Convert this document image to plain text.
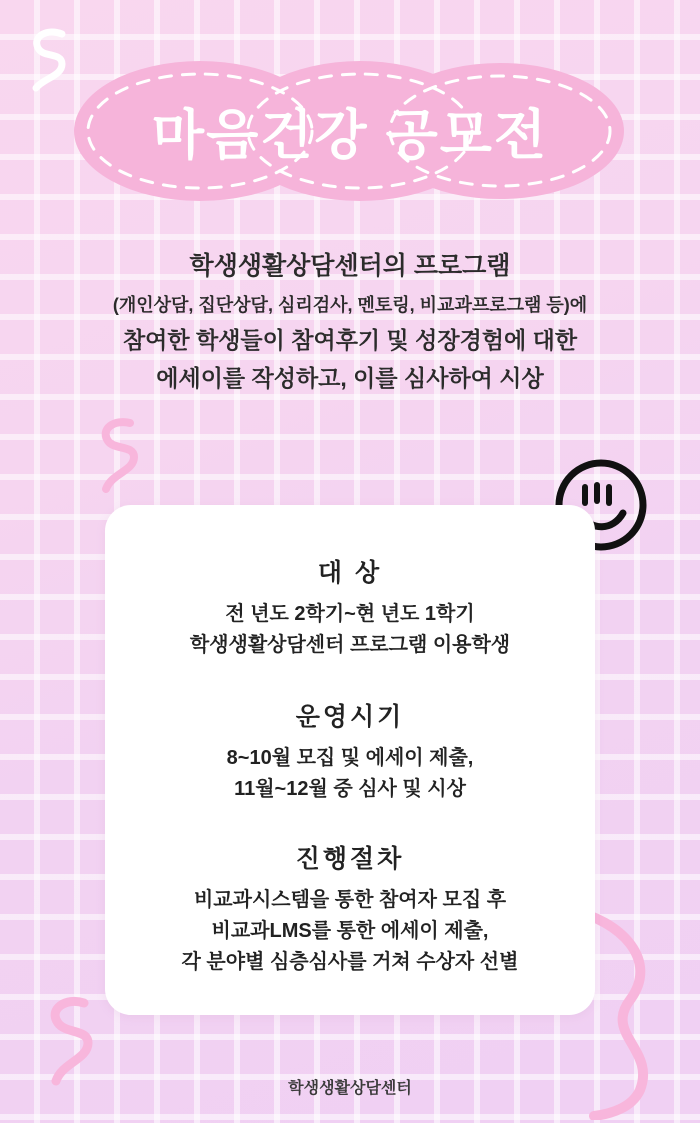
마음건강 공모전
학생생활상담센터의 프로그램
(개인상담, 집단상담, 심리검사, 멘토링, 비교과프로그램 등)에
참여한 학생들이 참여후기 및 성장경험에 대한
에세이를 작성하고, 이를 심사하여 시상
대 상
전 년도 2학기~현 년도 1학기
학생생활상담센터 프로그램 이용학생
운영시기
8~10월 모집 및 에세이 제출,
11월~12월 중 심사 및 시상
진행절차
비교과시스템을 통한 참여자 모집 후
비교과LMS를 통한 에세이 제출,
각 분야별 심층심사를 거쳐 수상자 선별
학생생활상담센터
